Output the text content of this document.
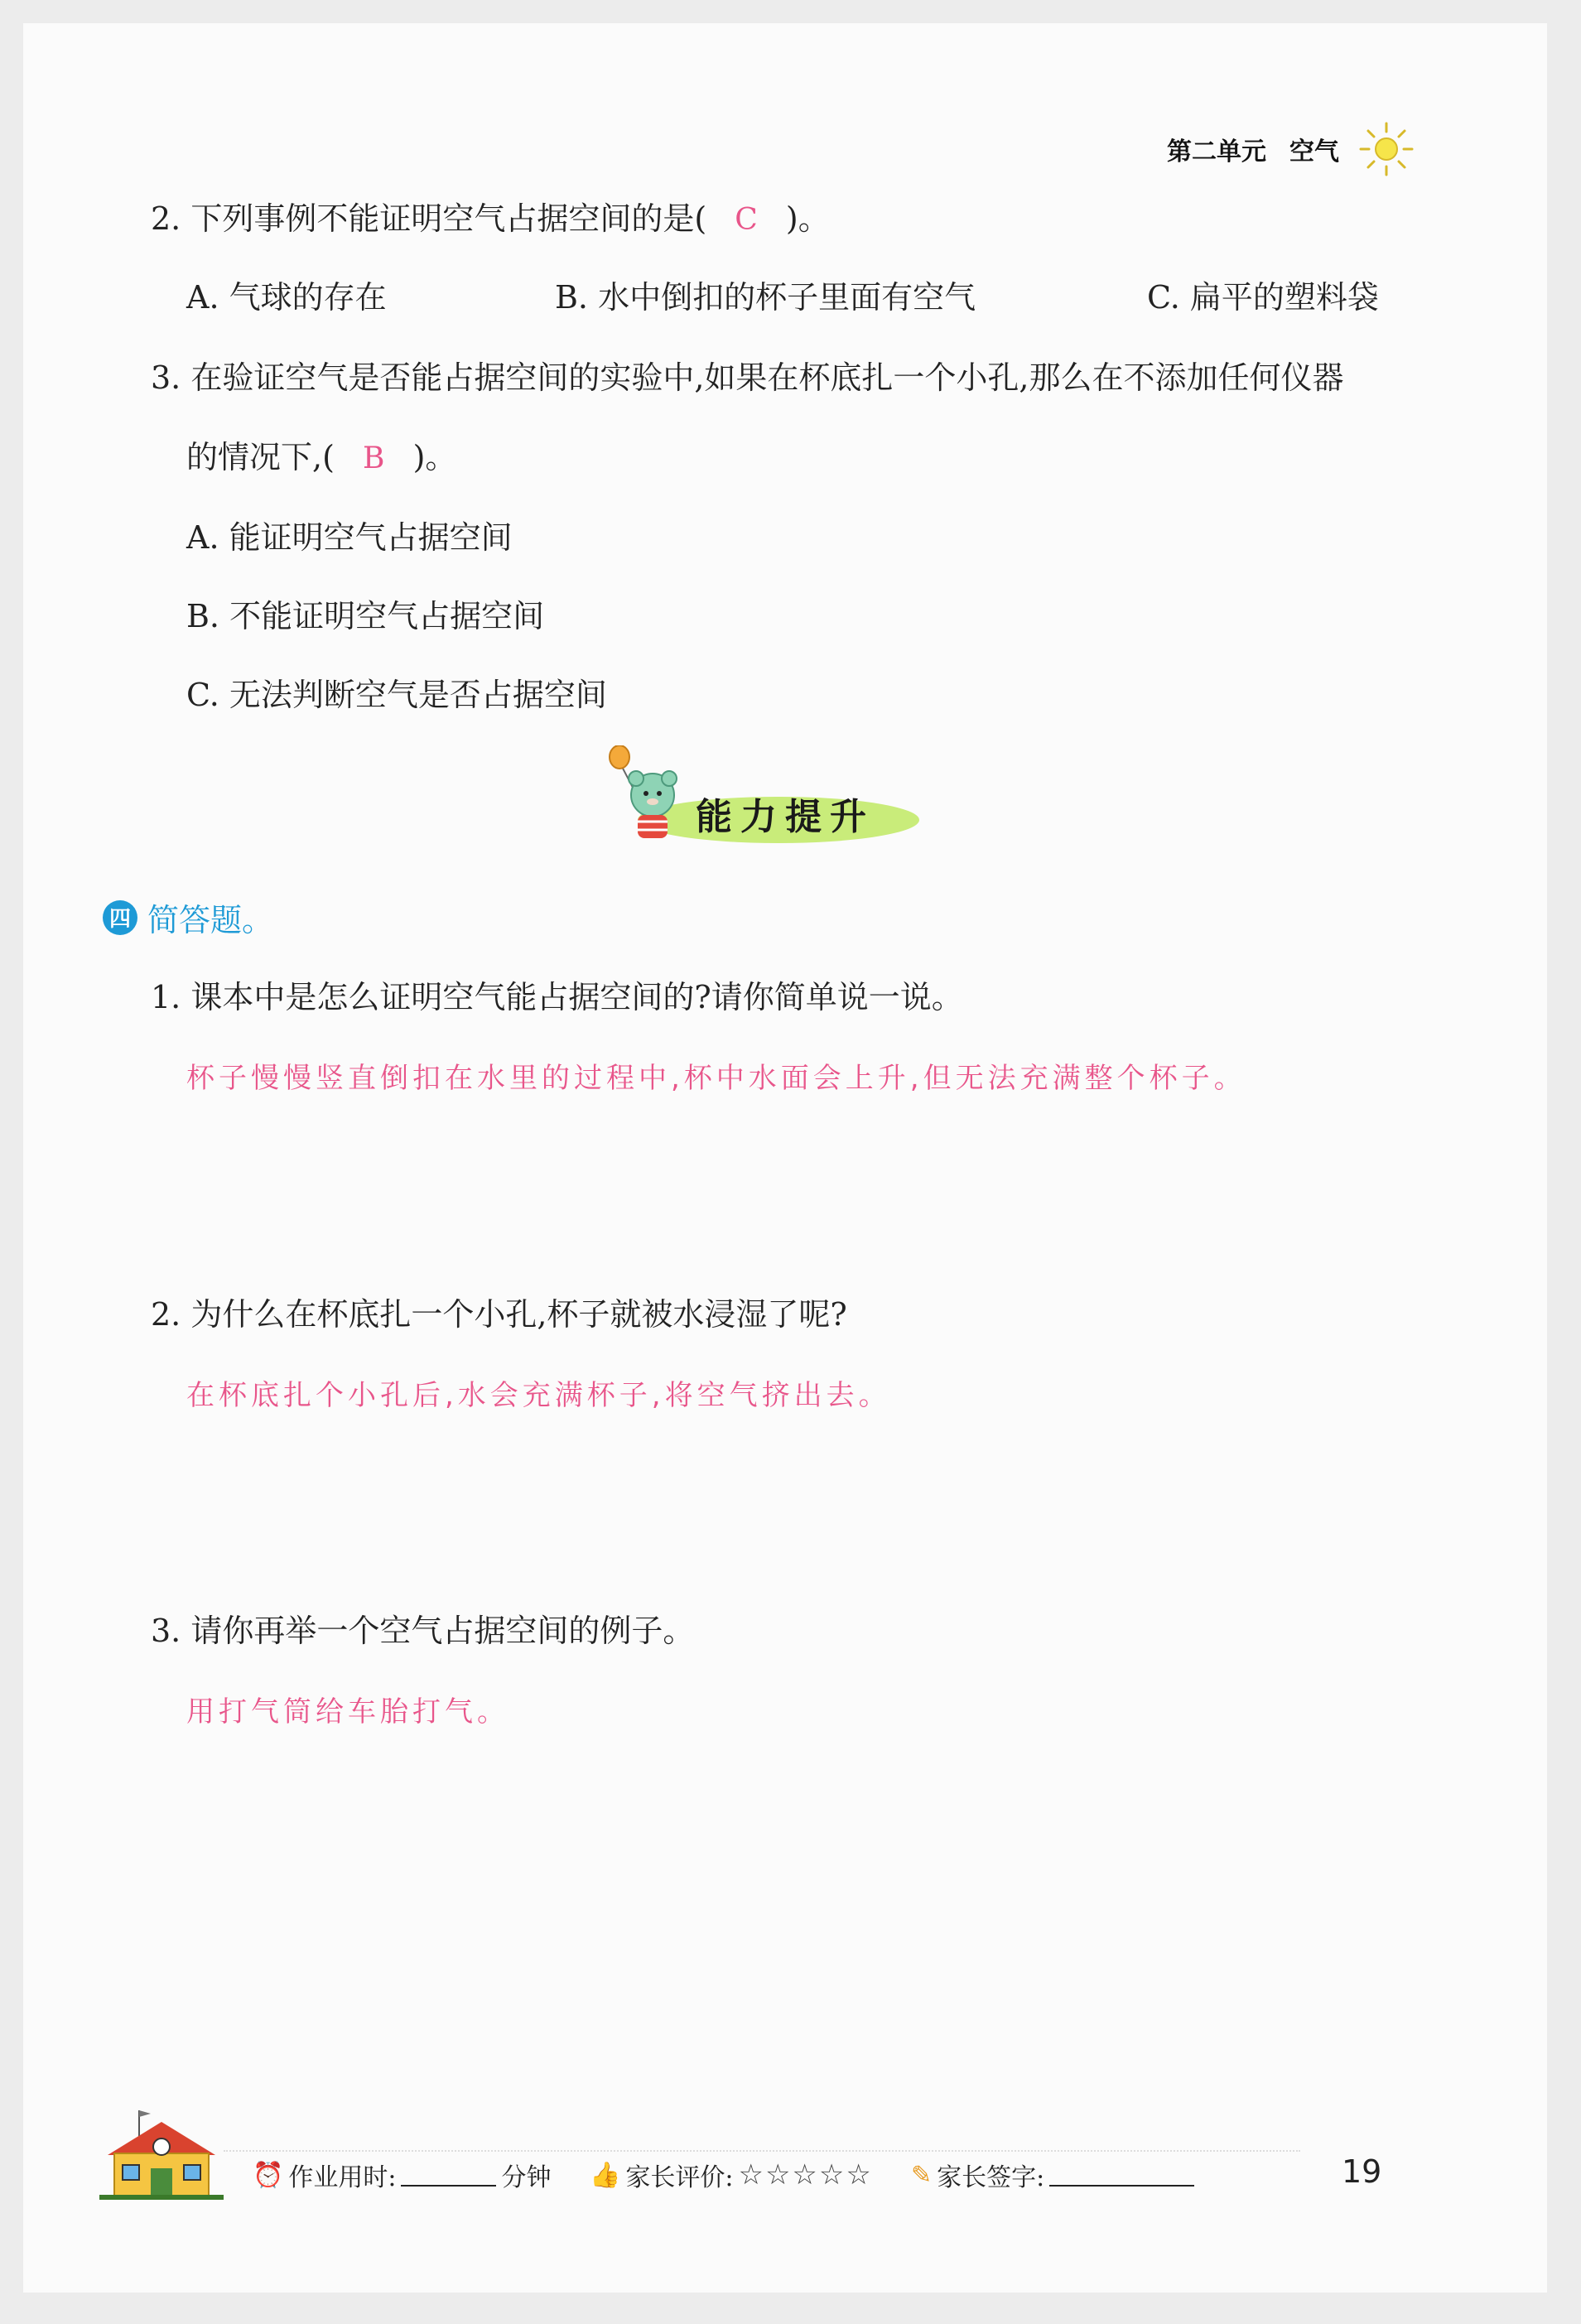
第二单元 空气
2. 下列事例不能证明空气占据空间的是( C )。
A. 气球的存在	B. 水中倒扣的杯子里面有空气	C. 扁平的塑料袋
3. 在验证空气是否能占据空间的实验中,如果在杯底扎一个小孔,那么在不添加任何仪器
的情况下,( B )。
A. 能证明空气占据空间
B. 不能证明空气占据空间
C. 无法判断空气是否占据空间
能力提升
四 简答题。
1. 课本中是怎么证明空气能占据空间的?请你简单说一说。
杯子慢慢竖直倒扣在水里的过程中,杯中水面会上升,但无法充满整个杯子。
2. 为什么在杯底扎一个小孔,杯子就被水浸湿了呢?
在杯底扎个小孔后,水会充满杯子,将空气挤出去。
3. 请你再举一个空气占据空间的例子。
用打气筒给车胎打气。
⏰ 作业用时:	分钟 👍 家长评价: ☆☆☆☆☆ ✎ 家长签字:	19
